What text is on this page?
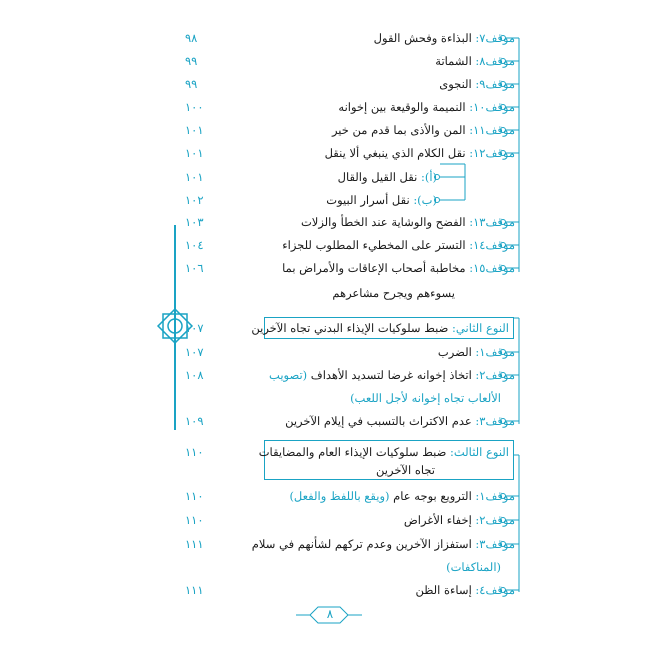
موقف٧: البذاءة وفحش القول
٩٨
موقف٨: الشماتة
٩٩
موقف٩: النجوى
٩٩
موقف١٠: النميمة والوقيعة بين إخوانه
١٠٠
موقف١١: المن والأذى بما قدم من خير
١٠١
موقف١٢: نقل الكلام الذي ينبغي ألا ينقل
١٠١
(أ): نقل القيل والقال
١٠١
(ب): نقل أسرار البيوت
١٠٢
موقف١٣: الفضح والوشاية عند الخطأ والزلات
١٠٣
موقف١٤: التستر على المخطيء المطلوب للجزاء
١٠٤
موقف١٥: مخاطبة أصحاب الإعاقات والأمراض بما
١٠٦
يسوءهم ويجرح مشاعرهم
النوع الثاني: ضبط سلوكيات الإيذاء البدني تجاه الآخرين
١٠٧
موقف١: الضرب
١٠٧
موقف٢: اتخاذ إخوانه غرضا لتسديد الأهداف (تصويب
١٠٨
الألعاب تجاه إخوانه لأجل اللعب)
موقف٣: عدم الاكتراث بالتسبب في إيلام الآخرين
١٠٩
النوع الثالث: ضبط سلوكيات الإيذاء العام والمضايقات
١١٠
تجاه الآخرين
موقف١: الترويع بوجه عام (ويقع باللفظ والفعل)
١١٠
موقف٢: إخفاء الأغراض
١١٠
موقف٣: استفزاز الآخرين وعدم تركهم لشأنهم في سلام
١١١
(المناكفات)
موقف٤: إساءة الظن
١١١
٨
